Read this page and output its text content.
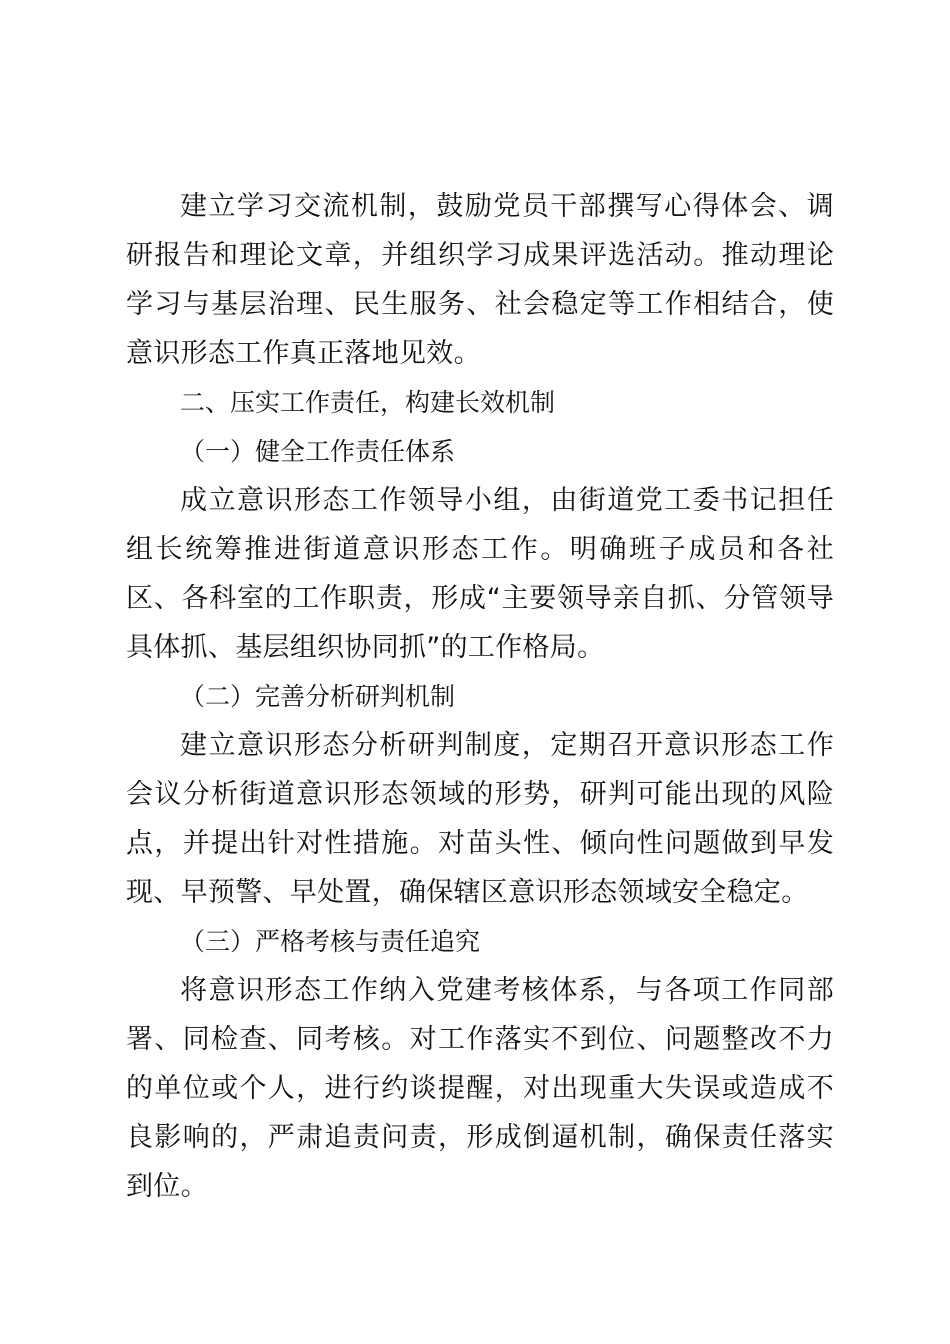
建立学习交流机制，鼓励党员干部撰写心得体会、调研报告和理论文章，并组织学习成果评选活动。推动理论学习与基层治理、民生服务、社会稳定等工作相结合，使意识形态工作真正落地见效。

二、压实工作责任，构建长效机制

（一）健全工作责任体系

成立意识形态工作领导小组，由街道党工委书记担任组长统筹推进街道意识形态工作。明确班子成员和各社区、各科室的工作职责，形成“主要领导亲自抓、分管领导具体抓、基层组织协同抓”的工作格局。

（二）完善分析研判机制

建立意识形态分析研判制度，定期召开意识形态工作会议分析街道意识形态领域的形势，研判可能出现的风险点，并提出针对性措施。对苗头性、倾向性问题做到早发现、早预警、早处置，确保辖区意识形态领域安全稳定。

（三）严格考核与责任追究

将意识形态工作纳入党建考核体系，与各项工作同部署、同检查、同考核。对工作落实不到位、问题整改不力的单位或个人，进行约谈提醒，对出现重大失误或造成不良影响的，严肃追责问责，形成倒逼机制，确保责任落实到位。
